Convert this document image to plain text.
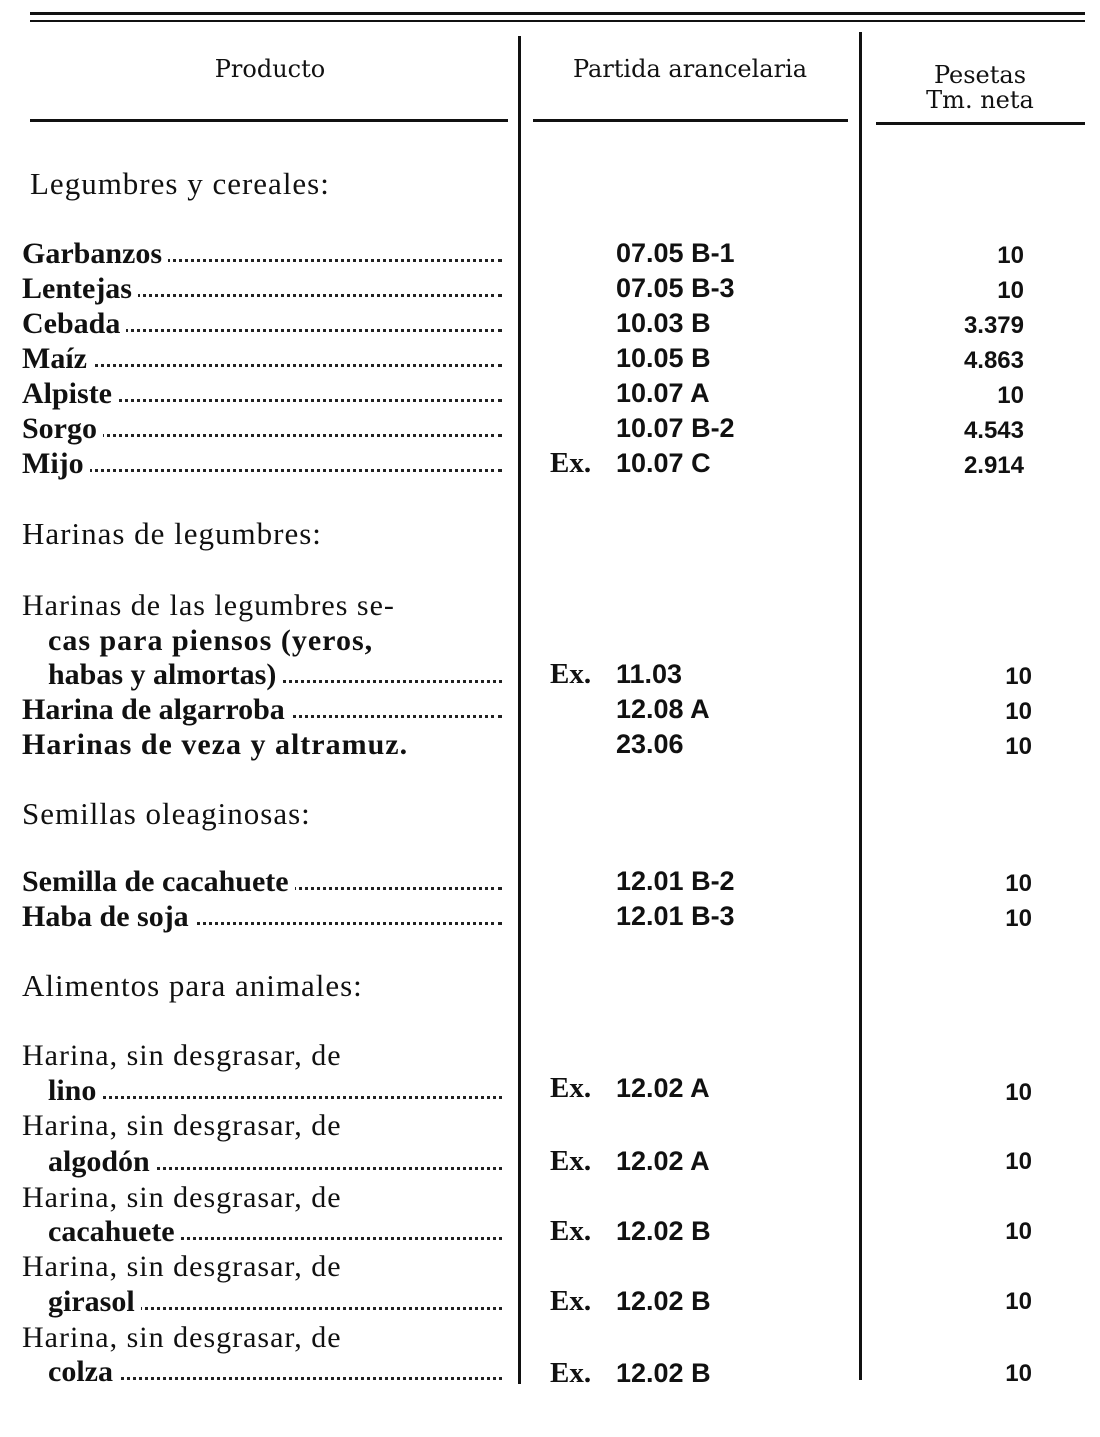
Producto	Partida arancelaria	Pesetas
Tm. neta
Legumbres y cereales:
Garbanzos	07.05 B-1	10
Lentejas	07.05 B-3	10
Cebada	10.03 B	3.379
Maíz	10.05 B	4.863
Alpiste	10.07 A	10
Sorgo	10.07 B-2	4.543
Mijo	Ex. 10.07 C	2.914
Harinas de legumbres:
Harinas de las legumbres se-
cas para piensos (yeros,
habas y almortas)	Ex. 11.03	10
Harina de algarroba	12.08 A	10
Harinas de veza y altramuz.	23.06	10
Semillas oleaginosas:
Semilla de cacahuete	12.01 B-2	10
Haba de soja	12.01 B-3	10
Alimentos para animales:
Harina, sin desgrasar, de
lino	Ex. 12.02 A	10
Harina, sin desgrasar, de
algodón	Ex. 12.02 A	10
Harina, sin desgrasar, de
cacahuete	Ex. 12.02 B	10
Harina, sin desgrasar, de
girasol	Ex. 12.02 B	10
Harina, sin desgrasar, de
colza	Ex. 12.02 B	10
